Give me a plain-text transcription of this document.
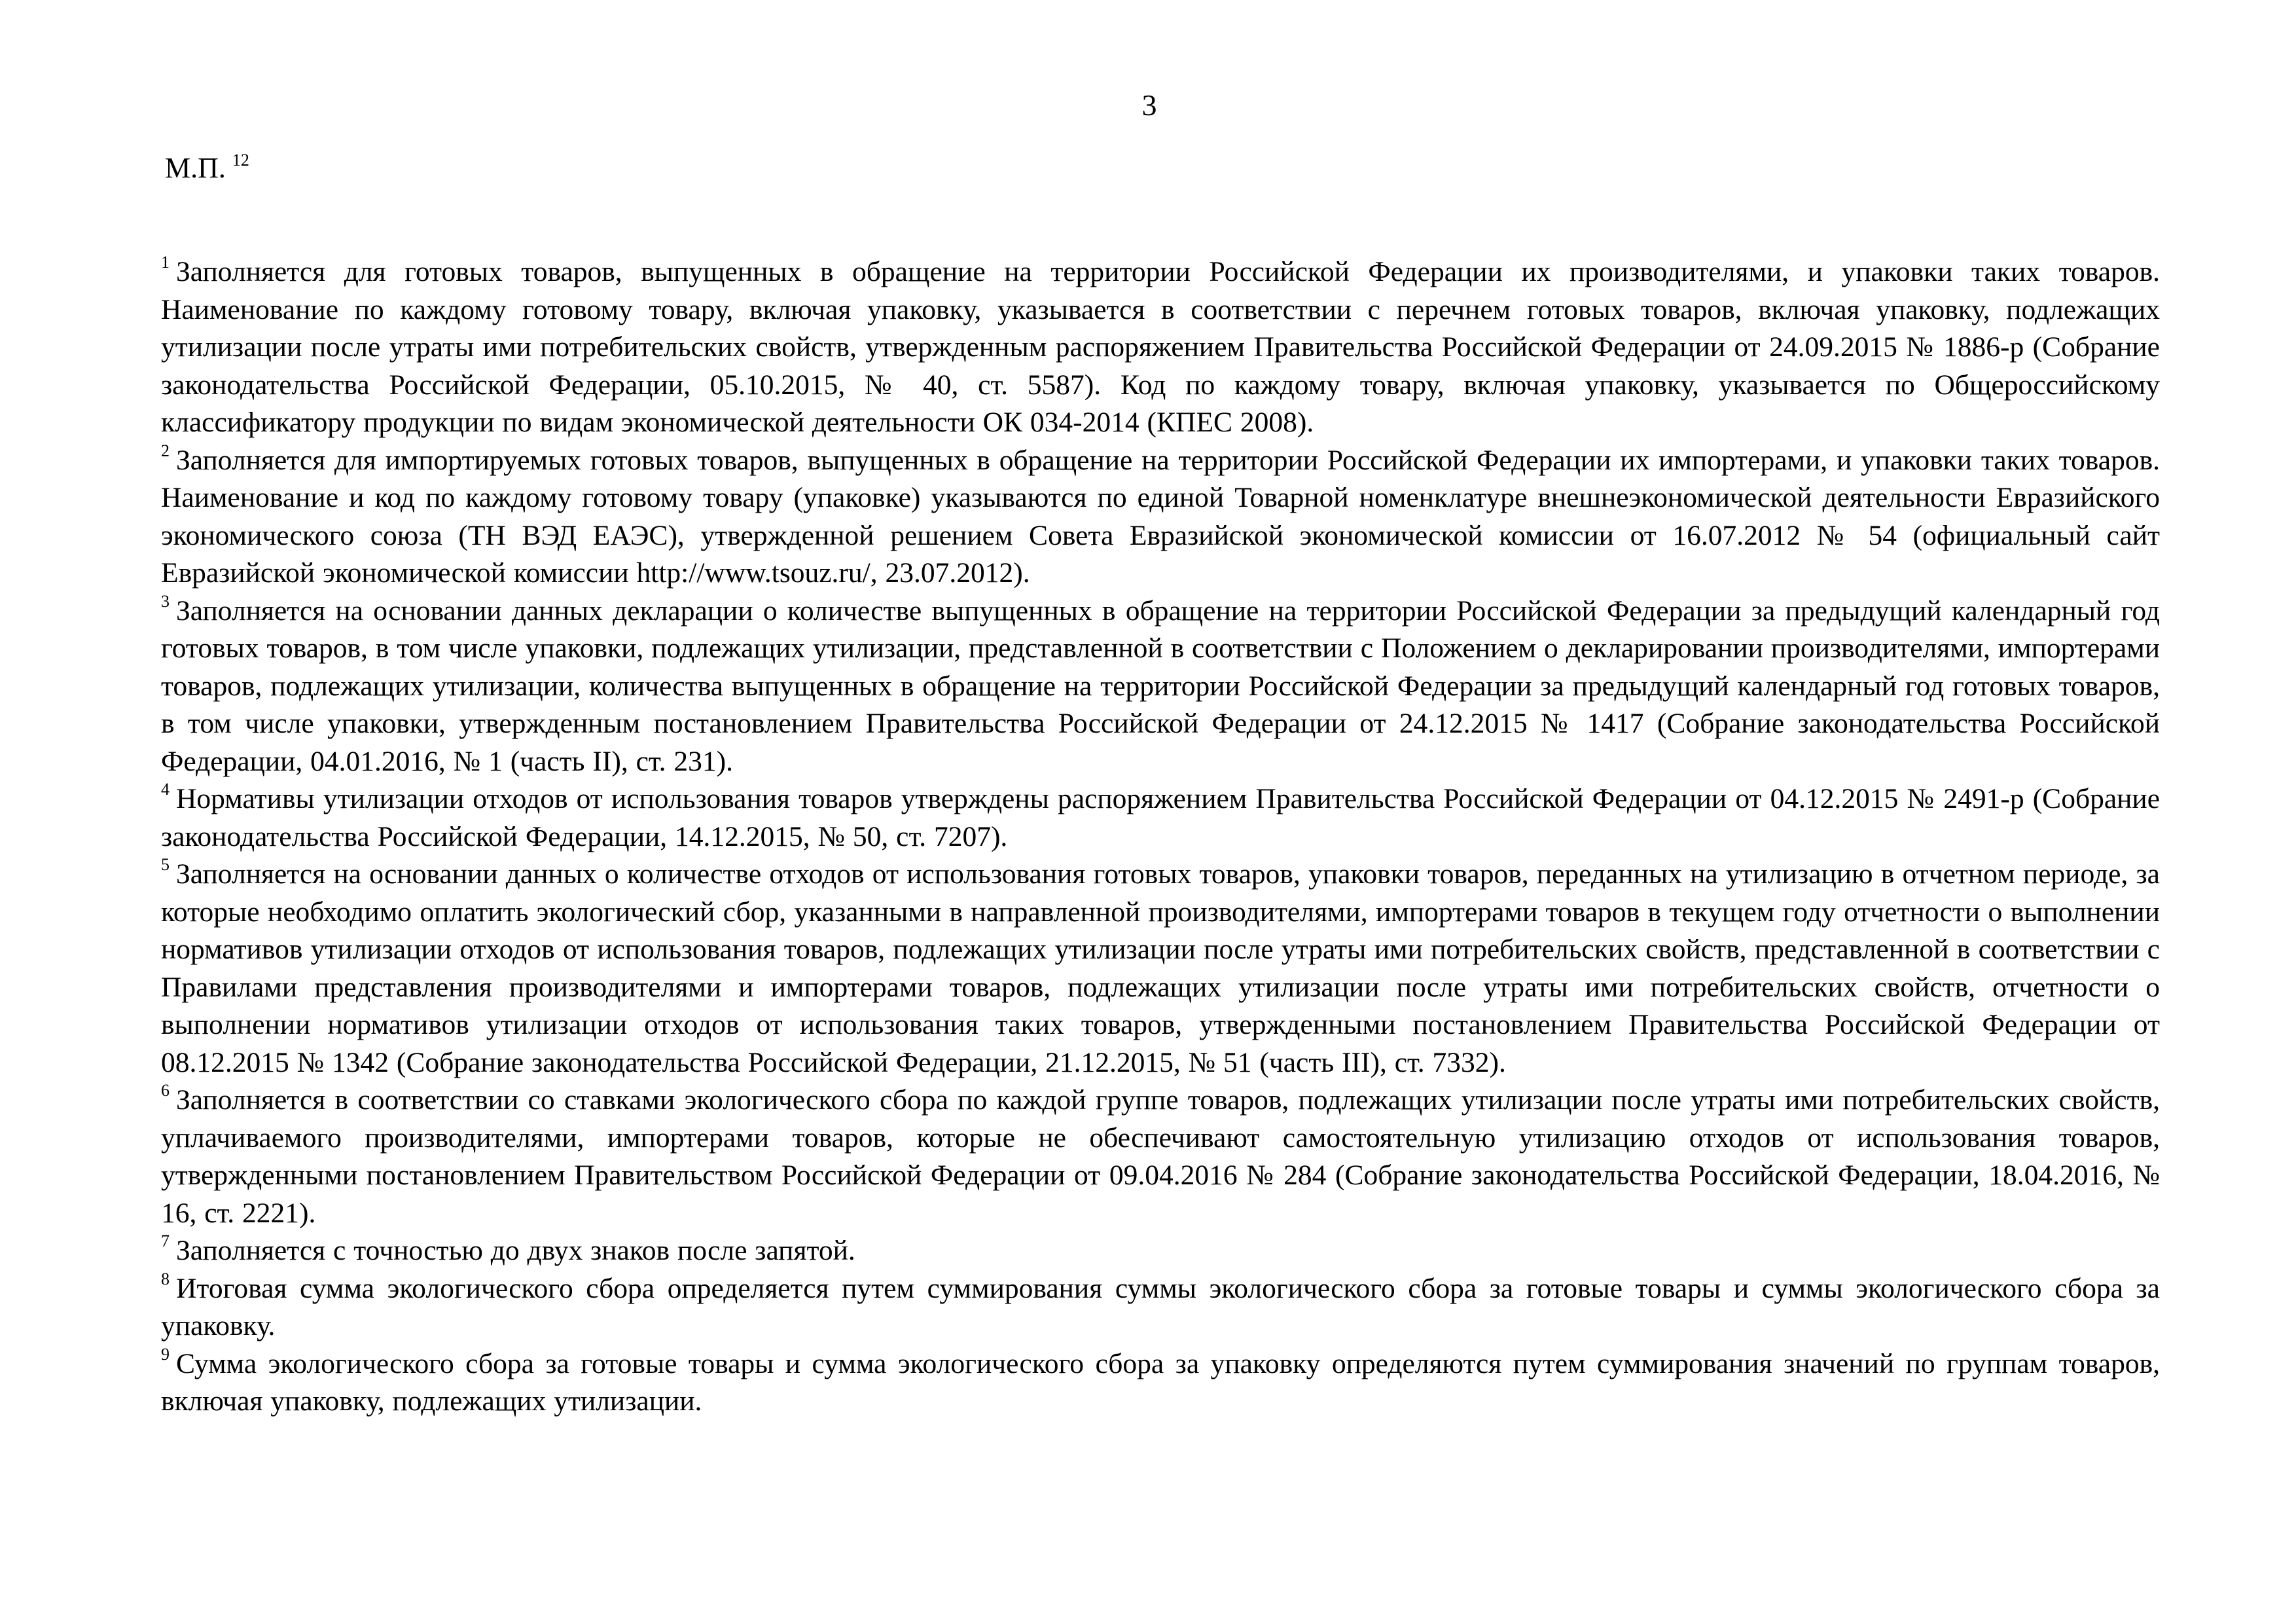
3
М.П. $^{12}$

$^1$ Заполняется для готовых товаров, выпущенных в обращение на территории Российской Федерации их производителями, и упаковки таких товаров. Наименование по каждому готовому товару, включая упаковку, указывается в соответствии с перечнем готовых товаров, включая упаковку, подлежащих утилизации после утраты ими потребительских свойств, утвержденным распоряжением Правительства Российской Федерации от 24.09.2015 № 1886-р (Собрание законодательства Российской Федерации, 05.10.2015, № 40, ст. 5587). Код по каждому товару, включая упаковку, указывается по Общероссийскому классификатору продукции по видам экономической деятельности ОК 034-2014 (КПЕС 2008).

$^2$ Заполняется для импортируемых готовых товаров, выпущенных в обращение на территории Российской Федерации их импортерами, и упаковки таких товаров. Наименование и код по каждому готовому товару (упаковке) указываются по единой Товарной номенклатуре внешнеэкономической деятельности Евразийского экономического союза (ТН ВЭД ЕАЭС), утвержденной решением Совета Евразийской экономической комиссии от 16.07.2012 № 54 (официальный сайт Евразийской экономической комиссии http://www.tsouz.ru/, 23.07.2012).

$^3$ Заполняется на основании данных декларации о количестве выпущенных в обращение на территории Российской Федерации за предыдущий календарный год готовых товаров, в том числе упаковки, подлежащих утилизации, представленной в соответствии с Положением о декларировании производителями, импортерами товаров, подлежащих утилизации, количества выпущенных в обращение на территории Российской Федерации за предыдущий календарный год готовых товаров, в том числе упаковки, утвержденным постановлением Правительства Российской Федерации от 24.12.2015 № 1417 (Собрание законодательства Российской Федерации, 04.01.2016, № 1 (часть II), ст. 231).

$^4$ Нормативы утилизации отходов от использования товаров утверждены распоряжением Правительства Российской Федерации от 04.12.2015 № 2491-р (Собрание законодательства Российской Федерации, 14.12.2015, № 50, ст. 7207).

$^5$ Заполняется на основании данных о количестве отходов от использования готовых товаров, упаковки товаров, переданных на утилизацию в отчетном периоде, за которые необходимо оплатить экологический сбор, указанными в направленной производителями, импортерами товаров в текущем году отчетности о выполнении нормативов утилизации отходов от использования товаров, подлежащих утилизации после утраты ими потребительских свойств, представленной в соответствии с Правилами представления производителями и импортерами товаров, подлежащих утилизации после утраты ими потребительских свойств, отчетности о выполнении нормативов утилизации отходов от использования таких товаров, утвержденными постановлением Правительства Российской Федерации от 08.12.2015 № 1342 (Собрание законодательства Российской Федерации, 21.12.2015, № 51 (часть III), ст. 7332).

$^6$ Заполняется в соответствии со ставками экологического сбора по каждой группе товаров, подлежащих утилизации после утраты ими потребительских свойств, уплачиваемого производителями, импортерами товаров, которые не обеспечивают самостоятельную утилизацию отходов от использования товаров, утвержденными постановлением Правительством Российской Федерации от 09.04.2016 № 284 (Собрание законодательства Российской Федерации, 18.04.2016, № 16, ст. 2221).

$^7$ Заполняется с точностью до двух знаков после запятой.

$^8$ Итоговая сумма экологического сбора определяется путем суммирования суммы экологического сбора за готовые товары и суммы экологического сбора за упаковку.

$^9$ Сумма экологического сбора за готовые товары и сумма экологического сбора за упаковку определяются путем суммирования значений по группам товаров, включая упаковку, подлежащих утилизации.
